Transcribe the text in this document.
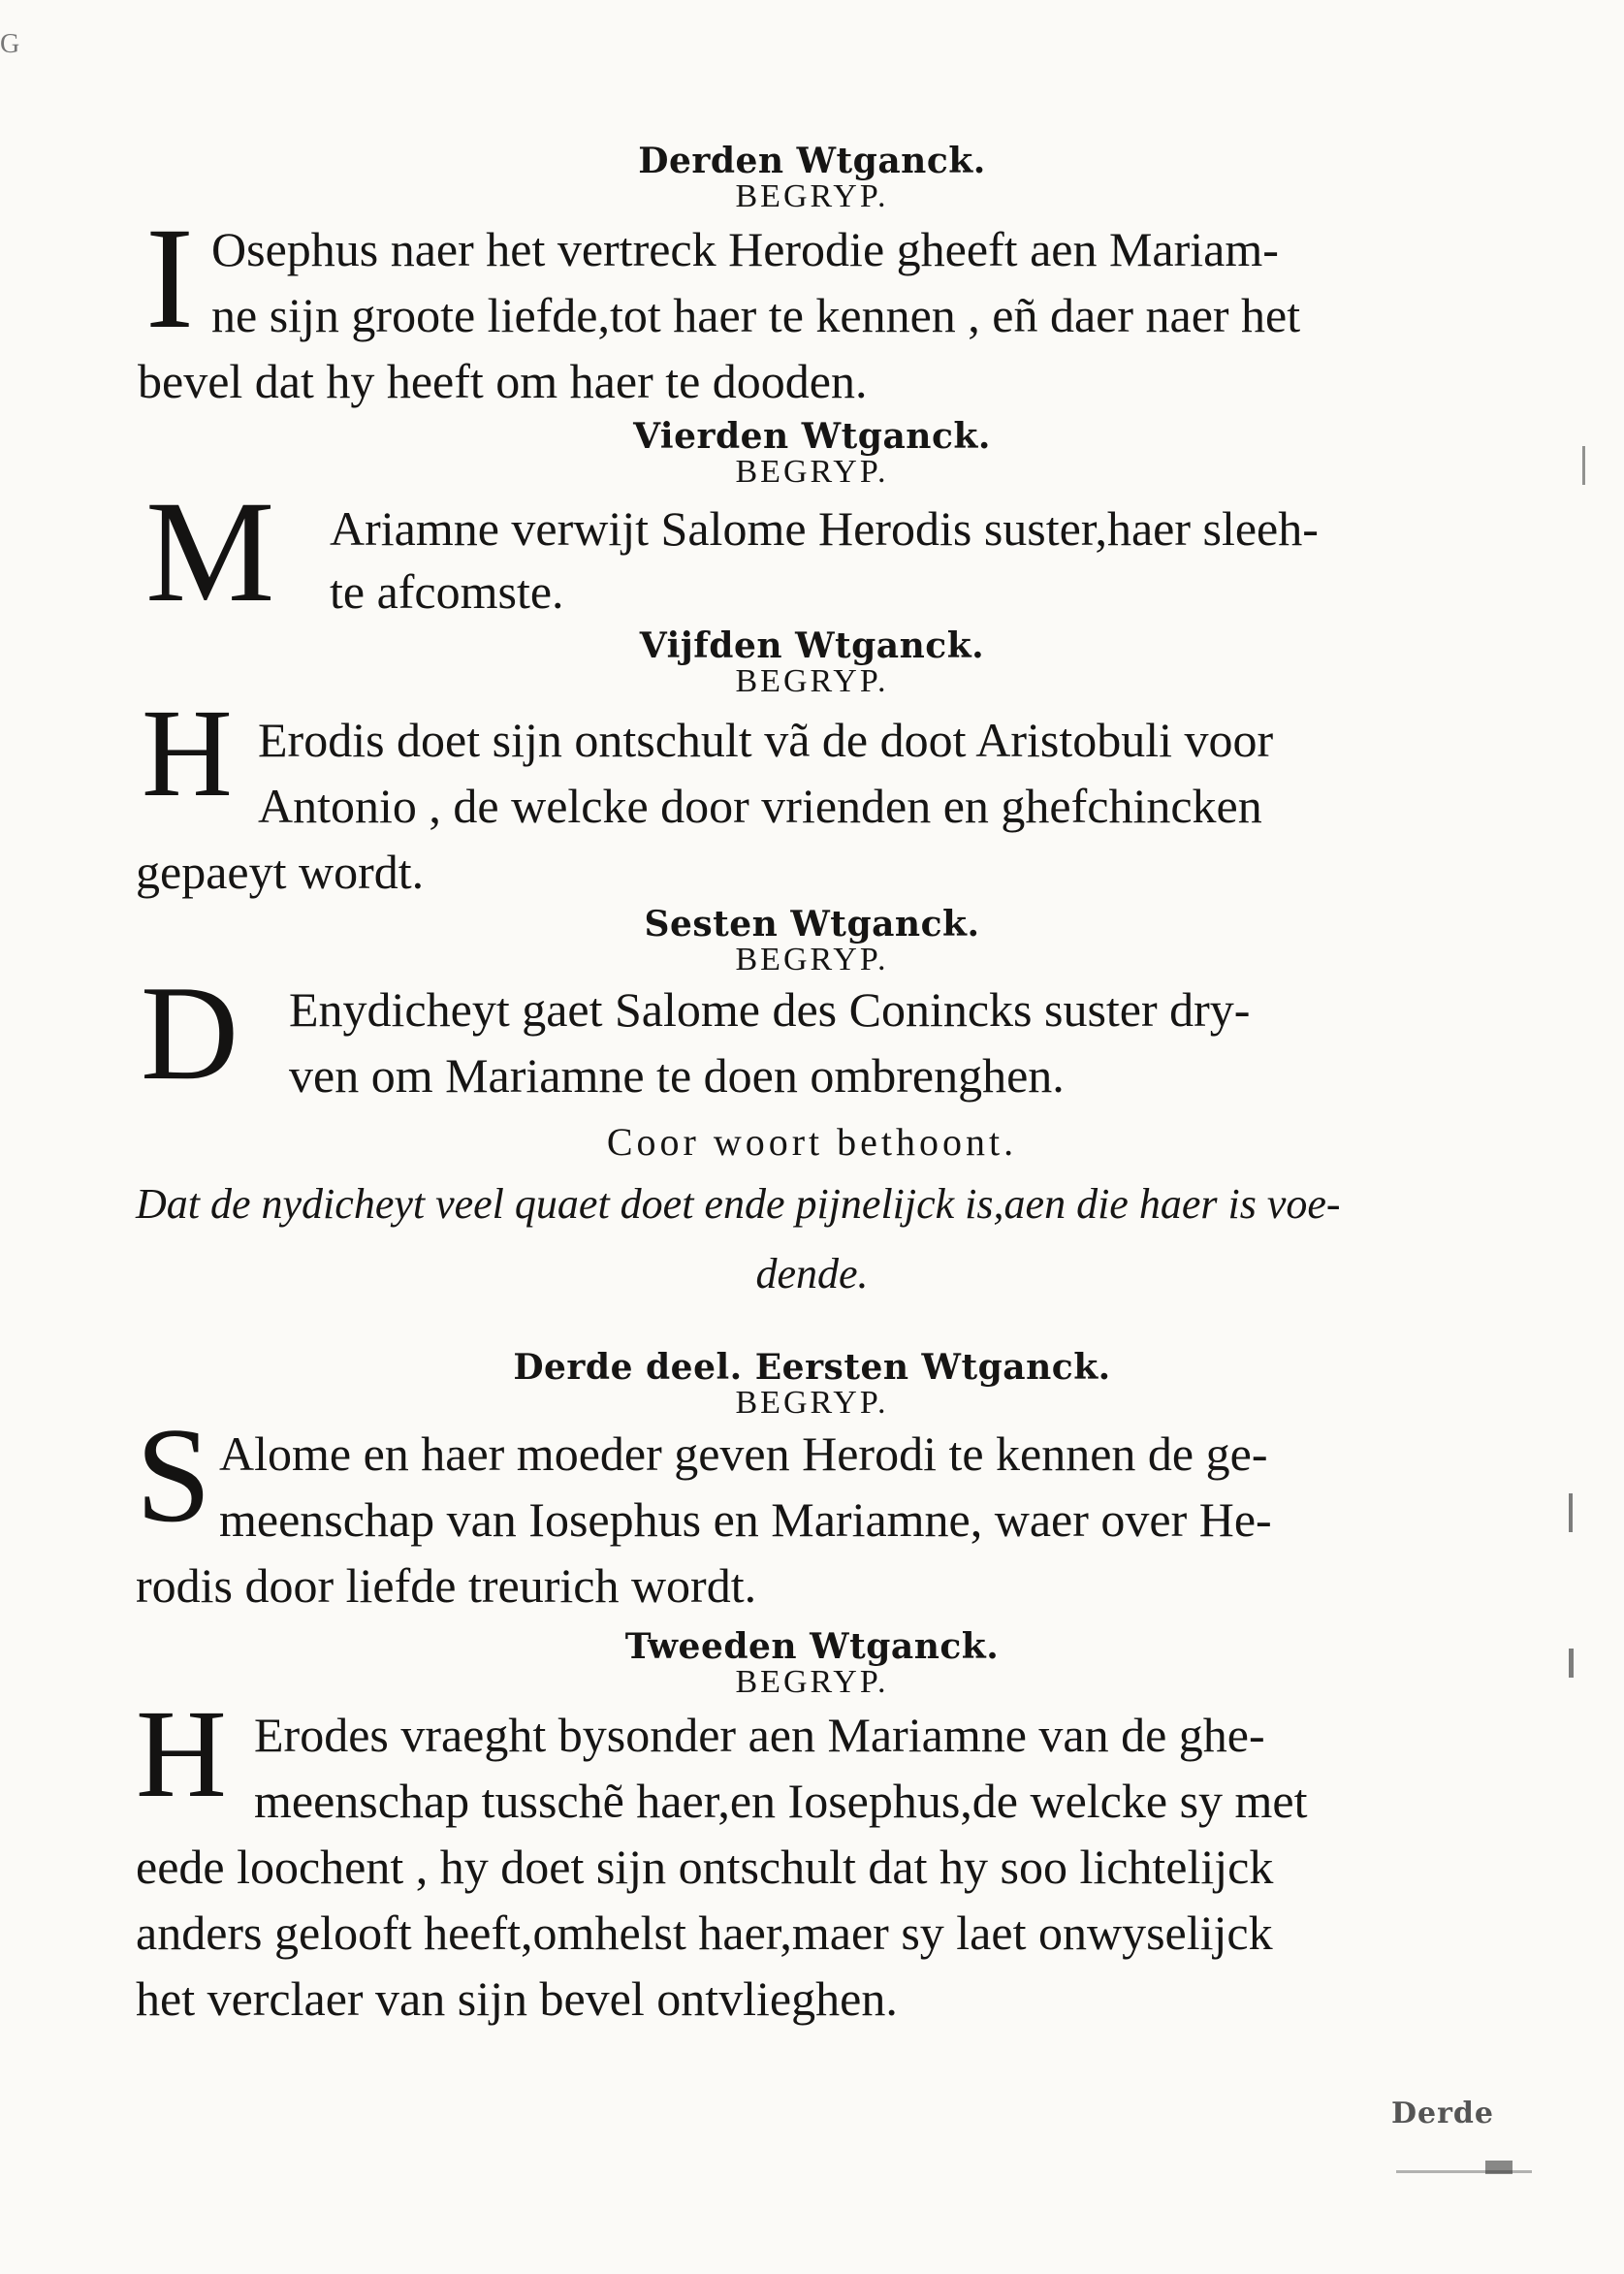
G
Derden Wtganck.
BEGRYP.
I Osephus naer het vertreck Herodie gheeft aen Mariam-
ne sijn groote liefde,tot haer te kennen , eñ daer naer het
bevel dat hy heeft om haer te dooden.
Vierden Wtganck.
BEGRYP.
M Ariamne verwijt Salome Herodis suster,haer sleeh-
te afcomste.
Vijfden Wtganck.
BEGRYP.
H Erodis doet sijn ontschult vã de doot Aristobuli voor
Antonio , de welcke door vrienden en ghefchincken
gepaeyt wordt.
Sesten Wtganck.
BEGRYP.
D Enydicheyt gaet Salome des Conincks suster dry-
ven om Mariamne te doen ombrenghen.
Coor woort bethoont.
Dat de nydicheyt veel quaet doet ende pijnelijck is,aen die haer is voe-
dende.
Derde deel. Eersten Wtganck.
BEGRYP.
S Alome en haer moeder geven Herodi te kennen de ge-
meenschap van Iosephus en Mariamne, waer over He-
rodis door liefde treurich wordt.
Tweeden Wtganck.
BEGRYP.
H Erodes vraeght bysonder aen Mariamne van de ghe-
meenschap tusschẽ haer,en Iosephus,de welcke sy met
eede loochent , hy doet sijn ontschult dat hy soo lichtelijck
anders gelooft heeft,omhelst haer,maer sy laet onwyselijck
het verclaer van sijn bevel ontvlieghen.
Derde
